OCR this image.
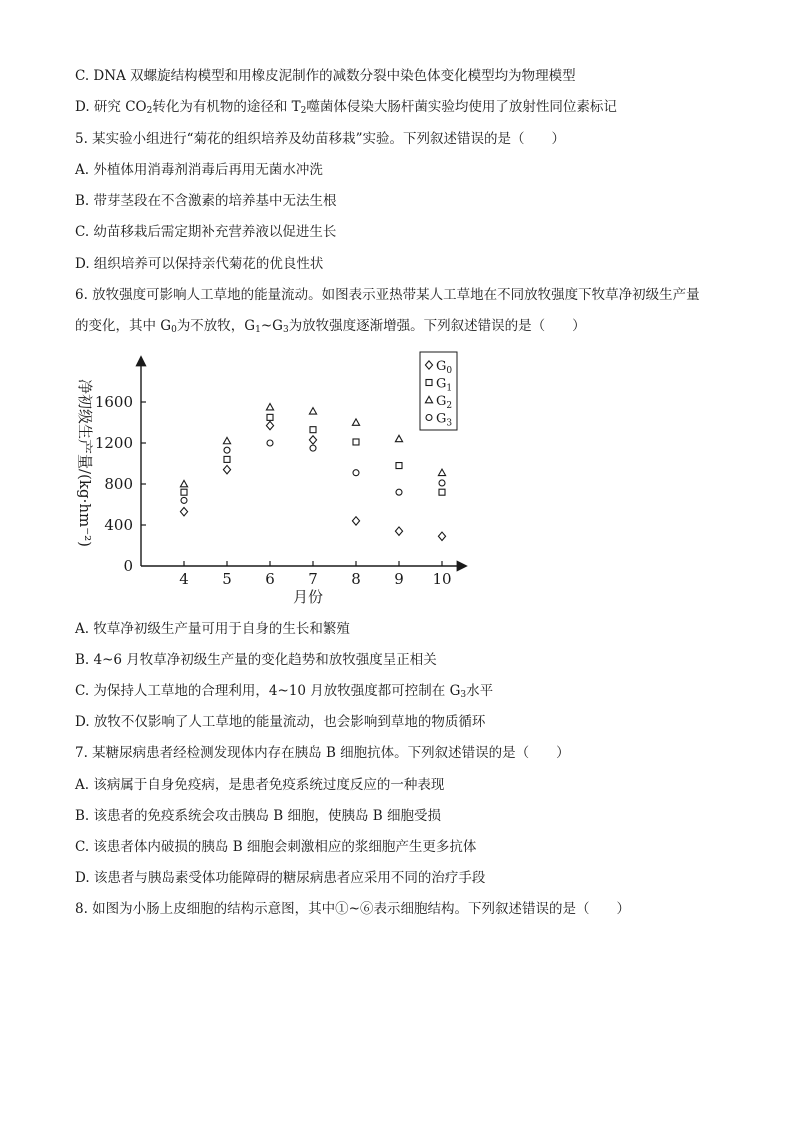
C. DNA 双螺旋结构模型和用橡皮泥制作的减数分裂中染色体变化模型均为物理模型
D. 研究 $CO_2$转化为有机物的途径和 $T_2$噬菌体侵染大肠杆菌实验均使用了放射性同位素标记
5. 某实验小组进行“菊花的组织培养及幼苗移栽”实验。下列叙述错误的是（　　）
A. 外植体用消毒剂消毒后再用无菌水冲洗
B. 带芽茎段在不含激素的培养基中无法生根
C. 幼苗移栽后需定期补充营养液以促进生长
D. 组织培养可以保持亲代菊花的优良性状
6. 放牧强度可影响人工草地的能量流动。如图表示亚热带某人工草地在不同放牧强度下牧草净初级生产量
的变化，其中 $G_0$为不放牧，$G_1\sim G_3$为放牧强度逐渐增强。下列叙述错误的是（　　）
0
400
800
1200
1600
4 5 6 7 8 9 10
月份
净初级生产量/(kg·hm⁻²)
$G_0$
$G_1$
$G_2$
$G_3$
A. 牧草净初级生产量可用于自身的生长和繁殖
B. 4~6 月牧草净初级生产量的变化趋势和放牧强度呈正相关
C. 为保持人工草地的合理利用，4~10 月放牧强度都可控制在 $G_3$水平
D. 放牧不仅影响了人工草地的能量流动，也会影响到草地的物质循环
7. 某糖尿病患者经检测发现体内存在胰岛 B 细胞抗体。下列叙述错误的是（　　）
A. 该病属于自身免疫病，是患者免疫系统过度反应的一种表现
B. 该患者的免疫系统会攻击胰岛 B 细胞，使胰岛 B 细胞受损
C. 该患者体内破损的胰岛 B 细胞会刺激相应的浆细胞产生更多抗体
D. 该患者与胰岛素受体功能障碍的糖尿病患者应采用不同的治疗手段
8. 如图为小肠上皮细胞的结构示意图，其中①~⑥表示细胞结构。下列叙述错误的是（　　）
